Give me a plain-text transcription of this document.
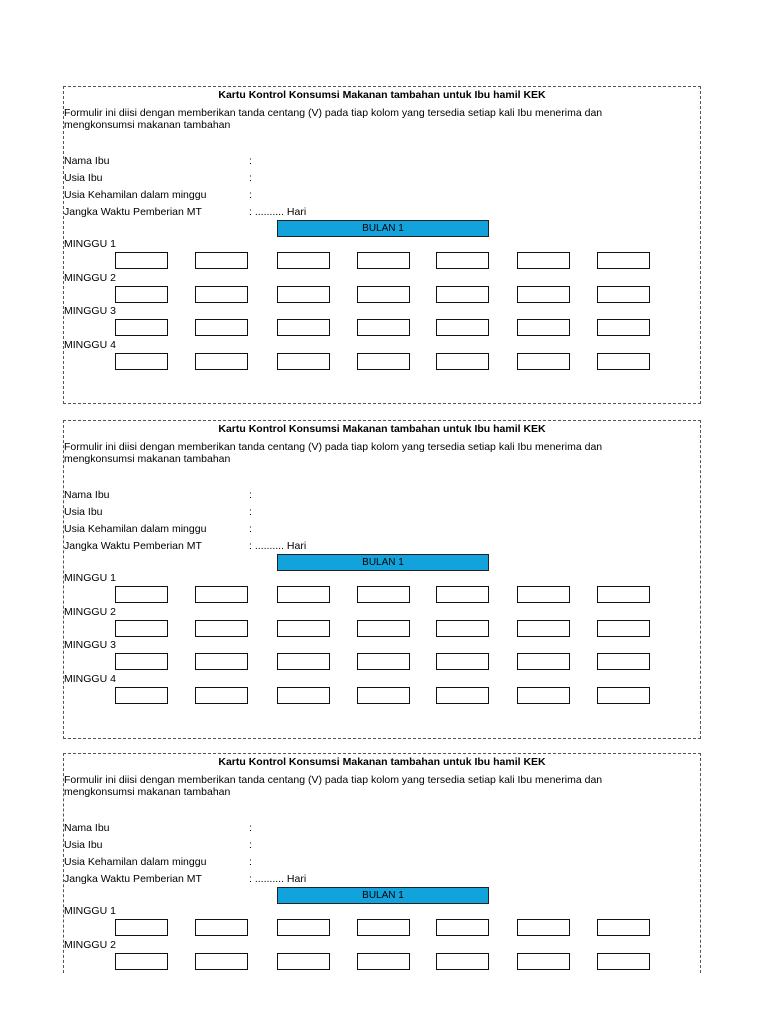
Kartu Kontrol Konsumsi Makanan tambahan untuk Ibu hamil KEK
Formulir ini diisi dengan memberikan tanda centang (V) pada tiap kolom yang tersedia setiap kali Ibu menerima dan mengkonsumsi makanan tambahan
Nama Ibu	:
Usia Ibu	:
Usia Kehamilan dalam minggu	:
Jangka Waktu Pemberian MT	: .......... Hari
BULAN 1
MINGGU 1
MINGGU 2
MINGGU 3
MINGGU 4
Kartu Kontrol Konsumsi Makanan tambahan untuk Ibu hamil KEK
Formulir ini diisi dengan memberikan tanda centang (V) pada tiap kolom yang tersedia setiap kali Ibu menerima dan mengkonsumsi makanan tambahan
Nama Ibu	:
Usia Ibu	:
Usia Kehamilan dalam minggu	:
Jangka Waktu Pemberian MT	: .......... Hari
BULAN 1
MINGGU 1
MINGGU 2
MINGGU 3
MINGGU 4
Kartu Kontrol Konsumsi Makanan tambahan untuk Ibu hamil KEK
Formulir ini diisi dengan memberikan tanda centang (V) pada tiap kolom yang tersedia setiap kali Ibu menerima dan mengkonsumsi makanan tambahan
Nama Ibu	:
Usia Ibu	:
Usia Kehamilan dalam minggu	:
Jangka Waktu Pemberian MT	: .......... Hari
BULAN 1
MINGGU 1
MINGGU 2
